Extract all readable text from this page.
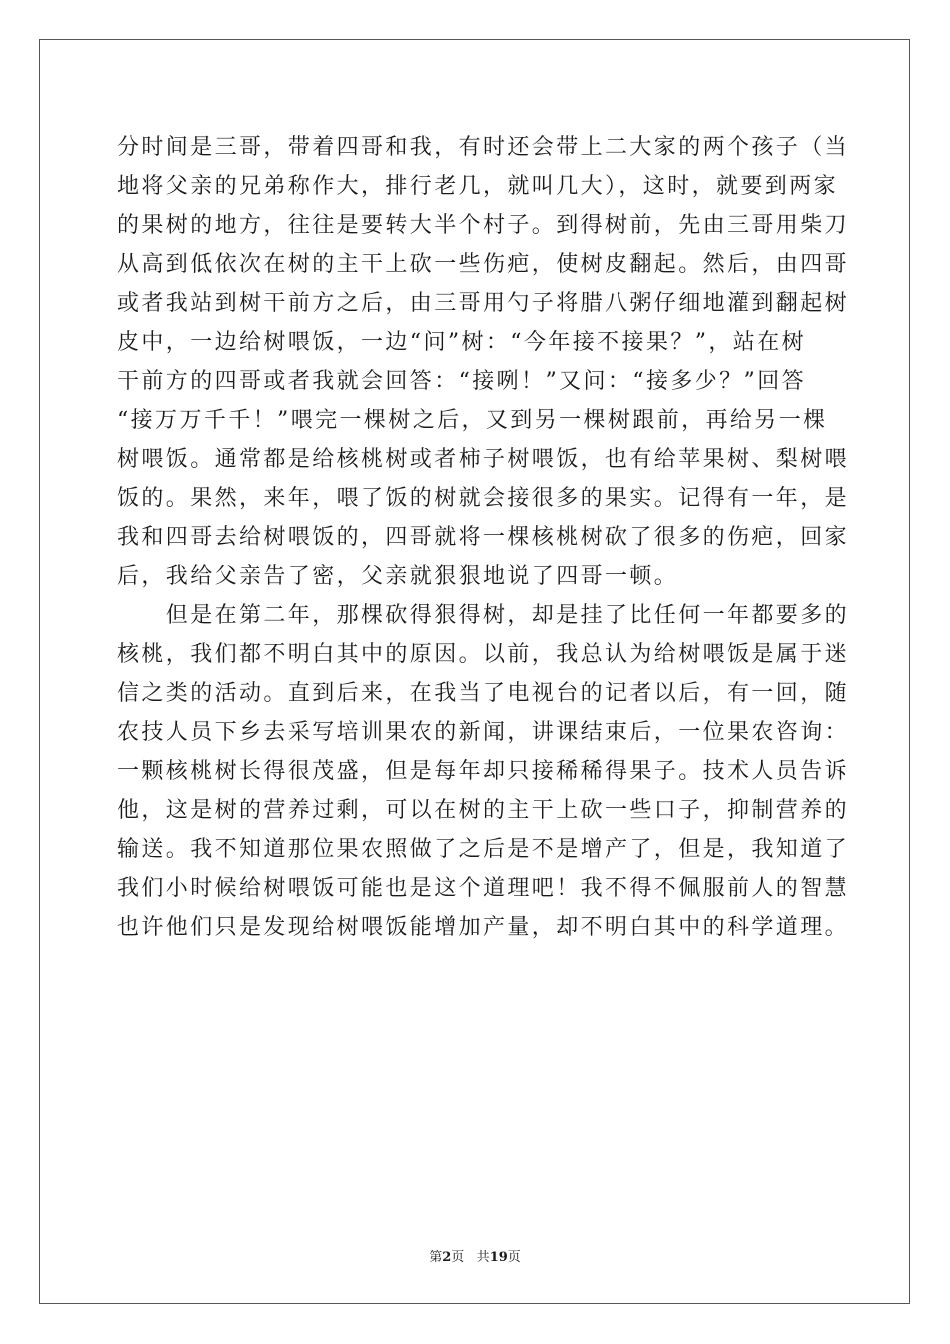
分时间是三哥，带着四哥和我，有时还会带上二大家的两个孩子（当
地将父亲的兄弟称作大，排行老几，就叫几大），这时，就要到两家
的果树的地方，往往是要转大半个村子。到得树前，先由三哥用柴刀
从高到低依次在树的主干上砍一些伤疤，使树皮翻起。然后，由四哥
或者我站到树干前方之后，由三哥用勺子将腊八粥仔细地灌到翻起树
皮中，一边给树喂饭，一边“问”树：“今年接不接果？”，站在树
干前方的四哥或者我就会回答：“接咧！”又问：“接多少？”回答
“接万万千千！”喂完一棵树之后，又到另一棵树跟前，再给另一棵
树喂饭。通常都是给核桃树或者柿子树喂饭，也有给苹果树、梨树喂
饭的。果然，来年，喂了饭的树就会接很多的果实。记得有一年，是
我和四哥去给树喂饭的，四哥就将一棵核桃树砍了很多的伤疤，回家
后，我给父亲告了密，父亲就狠狠地说了四哥一顿。
　　但是在第二年，那棵砍得狠得树，却是挂了比任何一年都要多的
核桃，我们都不明白其中的原因。以前，我总认为给树喂饭是属于迷
信之类的活动。直到后来，在我当了电视台的记者以后，有一回，随
农技人员下乡去采写培训果农的新闻，讲课结束后，一位果农咨询：
一颗核桃树长得很茂盛，但是每年却只接稀稀得果子。技术人员告诉
他，这是树的营养过剩，可以在树的主干上砍一些口子，抑制营养的
输送。我不知道那位果农照做了之后是不是增产了，但是，我知道了
我们小时候给树喂饭可能也是这个道理吧！我不得不佩服前人的智慧
也许他们只是发现给树喂饭能增加产量，却不明白其中的科学道理。
第2页 共19页
